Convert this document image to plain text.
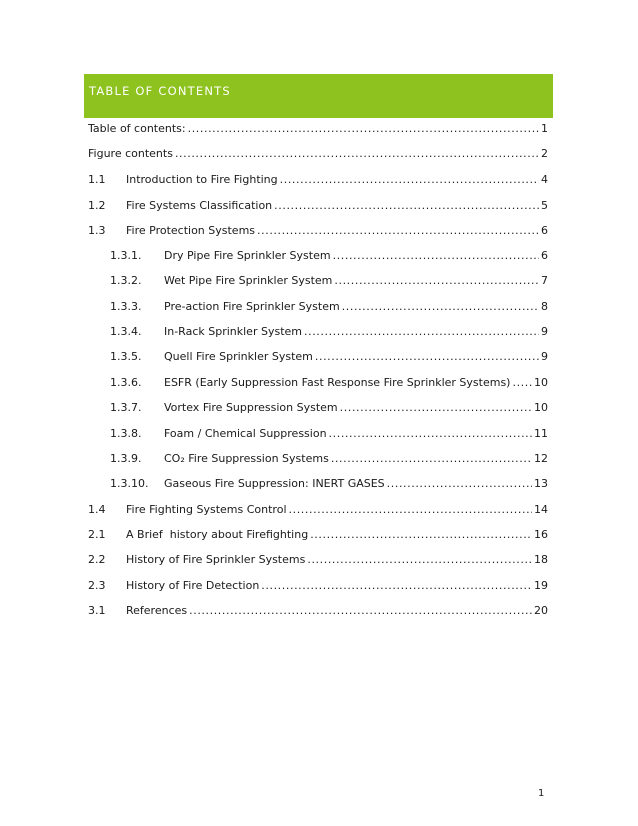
TABLE OF CONTENTS
Table of contents: .....	1
Figure contents .....	2
1.1	Introduction to Fire Fighting .....	4
1.2	Fire Systems Classification .....	5
1.3	Fire Protection Systems .....	6
1.3.1.	Dry Pipe Fire Sprinkler System .....	6
1.3.2.	Wet Pipe Fire Sprinkler System .....	7
1.3.3.	Pre-action Fire Sprinkler System .....	8
1.3.4.	In-Rack Sprinkler System .....	9
1.3.5.	Quell Fire Sprinkler System .....	9
1.3.6.	ESFR (Early Suppression Fast Response Fire Sprinkler Systems) ..... 10
1.3.7.	Vortex Fire Suppression System .....	10
1.3.8.	Foam / Chemical Suppression .....	11
1.3.9.	CO₂ Fire Suppression Systems .....	12
1.3.10.	Gaseous Fire Suppression: INERT GASES .....	13
1.4	Fire Fighting Systems Control .....	14
2.1	A Brief  history about Firefighting .....	16
2.2	History of Fire Sprinkler Systems .....	18
2.3	History of Fire Detection .....	19
3.1	References .....	20
1
